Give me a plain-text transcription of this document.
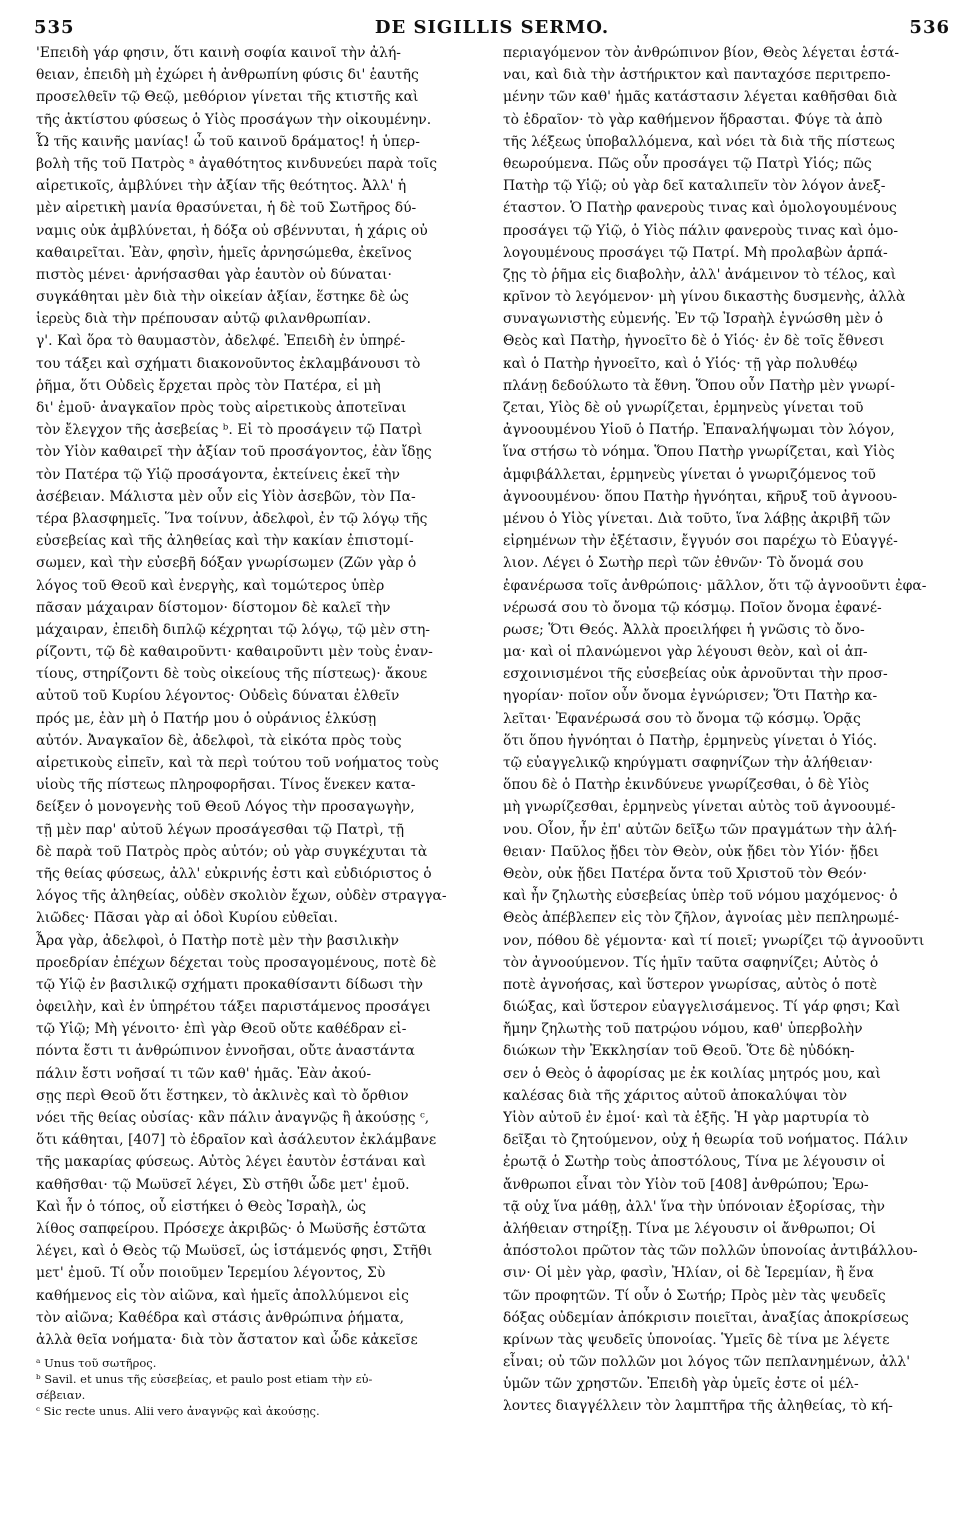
535	DE SIGILLIS SERMO.	536
'Επειδὴ γάρ φησιν, ὅτι καινὴ σοφία καινοῖ τὴν ἀλή-
θειαν, ἐπειδὴ μὴ ἐχώρει ἡ ἀνθρωπίνη φύσις δι' ἑαυτῆς
προσελθεῖν τῷ Θεῷ, μεθόριον γίνεται τῆς κτιστῆς καὶ
τῆς ἀκτίστου φύσεως ὁ Υἱὸς προσάγων τὴν οἰκουμένην.
Ὦ τῆς καινῆς μανίας! ὦ τοῦ καινοῦ δράματος! ἡ ὑπερ-
βολὴ τῆς τοῦ Πατρὸς ᵃ ἀγαθότητος κινδυνεύει παρὰ τοῖς
αἱρετικοῖς, ἀμβλύνει τὴν ἀξίαν τῆς θεότητος. Ἀλλ' ἡ
μὲν αἱρετικὴ μανία θρασύνεται, ἡ δὲ τοῦ Σωτῆρος δύ-
ναμις οὐκ ἀμβλύνεται, ἡ δόξα οὐ σβέννυται, ἡ χάρις οὐ
καθαιρεῖται. Ἐὰν, φησὶν, ἡμεῖς ἀρνησώμεθα, ἐκεῖνος
πιστὸς μένει· ἀρνήσασθαι γὰρ ἑαυτὸν οὐ δύναται·
συγκάθηται μὲν διὰ τὴν οἰκείαν ἀξίαν, ἕστηκε δὲ ὡς
ἱερεὺς διὰ τὴν πρέπουσαν αὐτῷ φιλανθρωπίαν.
γ'. Καὶ ὅρα τὸ θαυμαστὸν, ἀδελφέ. Ἐπειδὴ ἐν ὑπηρέ-
του τάξει καὶ σχήματι διακονοῦντος ἐκλαμβάνουσι τὸ
ῥῆμα, ὅτι Οὐδεὶς ἔρχεται πρὸς τὸν Πατέρα, εἰ μὴ
δι' ἐμοῦ· ἀναγκαῖον πρὸς τοὺς αἱρετικοὺς ἀποτεῖναι
τὸν ἔλεγχον τῆς ἀσεβείας ᵇ. Εἰ τὸ προσάγειν τῷ Πατρὶ
τὸν Υἱὸν καθαιρεῖ τὴν ἀξίαν τοῦ προσάγοντος, ἐὰν ἴδῃς
τὸν Πατέρα τῷ Υἱῷ προσάγοντα, ἐκτείνεις ἐκεῖ τὴν
ἀσέβειαν. Μάλιστα μὲν οὖν εἰς Υἱὸν ἀσεβῶν, τὸν Πα-
τέρα βλασφημεῖς. Ἵνα τοίνυν, ἀδελφοὶ, ἐν τῷ λόγῳ τῆς
εὐσεβείας καὶ τῆς ἀληθείας καὶ τὴν κακίαν ἐπιστομί-
σωμεν, καὶ τὴν εὐσεβῆ δόξαν γνωρίσωμεν (Ζῶν γὰρ ὁ
λόγος τοῦ Θεοῦ καὶ ἐνεργὴς, καὶ τομώτερος ὑπὲρ
πᾶσαν μάχαιραν δίστομον· δίστομον δὲ καλεῖ τὴν
μάχαιραν, ἐπειδὴ διπλῷ κέχρηται τῷ λόγῳ, τῷ μὲν στη-
ρίζοντι, τῷ δὲ καθαιροῦντι· καθαιροῦντι μὲν τοὺς ἐναν-
τίους, στηρίζοντι δὲ τοὺς οἰκείους τῆς πίστεως)· ἄκουε
αὐτοῦ τοῦ Κυρίου λέγοντος· Οὐδεὶς δύναται ἐλθεῖν
πρός με, ἐὰν μὴ ὁ Πατήρ μου ὁ οὐράνιος ἑλκύσῃ
αὐτόν. Ἀναγκαῖον δὲ, ἀδελφοὶ, τὰ εἰκότα πρὸς τοὺς
αἱρετικοὺς εἰπεῖν, καὶ τὰ περὶ τούτου τοῦ νοήματος τοὺς
υἱοὺς τῆς πίστεως πληροφορῆσαι. Τίνος ἕνεκεν κατα-
δείξεν ὁ μονογενὴς τοῦ Θεοῦ Λόγος τὴν προσαγωγὴν,
τῇ μὲν παρ' αὐτοῦ λέγων προσάγεσθαι τῷ Πατρὶ, τῇ
δὲ παρὰ τοῦ Πατρὸς πρὸς αὐτόν; οὐ γὰρ συγκέχυται τὰ
τῆς θείας φύσεως, ἀλλ' εὐκρινής ἐστι καὶ εὐδιόριστος ὁ
λόγος τῆς ἀληθείας, οὐδὲν σκολιὸν ἔχων, οὐδὲν στραγγα-
λιῶδες· Πᾶσαι γὰρ αἱ ὁδοὶ Κυρίου εὐθεῖαι.
Ἆρα γὰρ, ἀδελφοὶ, ὁ Πατὴρ ποτὲ μὲν τὴν βασιλικὴν
προεδρίαν ἐπέχων δέχεται τοὺς προσαγομένους, ποτὲ δὲ
τῷ Υἱῷ ἐν βασιλικῷ σχήματι προκαθίσαντι δίδωσι τὴν
ὀφειλὴν, καὶ ἐν ὑπηρέτου τάξει παριστάμενος προσάγει
τῷ Υἱῷ; Μὴ γένοιτο· ἐπὶ γὰρ Θεοῦ οὔτε καθέδραν εἰ-
πόντα ἔστι τι ἀνθρώπινον ἐννοῆσαι, οὔτε ἀναστάντα
πάλιν ἔστι νοῆσαί τι τῶν καθ' ἡμᾶς. Ἐὰν ἀκού-
σῃς περὶ Θεοῦ ὅτι ἕστηκεν, τὸ ἀκλινὲς καὶ τὸ ὄρθιον
νόει τῆς θείας οὐσίας· κἂν πάλιν ἀναγνῷς ἢ ἀκούσῃς ᶜ,
ὅτι κάθηται, [407] τὸ ἑδραῖον καὶ ἀσάλευτον ἐκλάμβανε
τῆς μακαρίας φύσεως. Αὐτὸς λέγει ἑαυτὸν ἑστάναι καὶ
καθῆσθαι· τῷ Μωϋσεῖ λέγει, Σὺ στῆθι ὧδε μετ' ἐμοῦ.
Καὶ ἦν ὁ τόπος, οὗ εἱστήκει ὁ Θεὸς Ἰσραὴλ, ὡς
λίθος σαπφείρου. Πρόσεχε ἀκριβῶς· ὁ Μωϋσῆς ἑστῶτα
λέγει, καὶ ὁ Θεὸς τῷ Μωϋσεῖ, ὡς ἱστάμενός φησι, Στῆθι
μετ' ἐμοῦ. Τί οὖν ποιοῦμεν Ἱερεμίου λέγοντος, Σὺ
καθήμενος εἰς τὸν αἰῶνα, καὶ ἡμεῖς ἀπολλύμενοι εἰς
τὸν αἰῶνα; Καθέδρα καὶ στάσις ἀνθρώπινα ῥήματα,
ἀλλὰ θεῖα νοήματα· διὰ τὸν ἄστατον καὶ ὧδε κἀκεῖσε
ᵃ Unus τοῦ σωτῆρος.
ᵇ Savil. et unus τῆς εὐσεβείας, et paulo post etiam τὴν εὐ-
σέβειαν.
ᶜ Sic recte unus. Alii vero ἀναγνῷς καὶ ἀκούσῃς.
περιαγόμενον τὸν ἀνθρώπινον βίον, Θεὸς λέγεται ἑστά-
ναι, καὶ διὰ τὴν ἀστήρικτον καὶ πανταχόσε περιτρεπο-
μένην τῶν καθ' ἡμᾶς κατάστασιν λέγεται καθῆσθαι διὰ
τὸ ἑδραῖον· τὸ γὰρ καθήμενον ἥδρασται. Φύγε τὰ ἀπὸ
τῆς λέξεως ὑποβαλλόμενα, καὶ νόει τὰ διὰ τῆς πίστεως
θεωρούμενα. Πῶς οὖν προσάγει τῷ Πατρὶ Υἱός; πῶς
Πατὴρ τῷ Υἱῷ; οὐ γὰρ δεῖ καταλιπεῖν τὸν λόγον ἀνεξ-
έταστον. Ὁ Πατὴρ φανεροὺς τινας καὶ ὁμολογουμένους
προσάγει τῷ Υἱῷ, ὁ Υἱὸς πάλιν φανεροὺς τινας καὶ ὁμο-
λογουμένους προσάγει τῷ Πατρί. Μὴ προλαβὼν ἁρπά-
ζῃς τὸ ῥῆμα εἰς διαβολὴν, ἀλλ' ἀνάμεινον τὸ τέλος, καὶ
κρῖνον τὸ λεγόμενον· μὴ γίνου δικαστὴς δυσμενὴς, ἀλλὰ
συναγωνιστὴς εὐμενής. Ἐν τῷ Ἰσραὴλ ἐγνώσθη μὲν ὁ
Θεὸς καὶ Πατὴρ, ἠγνοεῖτο δὲ ὁ Υἱός· ἐν δὲ τοῖς ἔθνεσι
καὶ ὁ Πατὴρ ἠγνοεῖτο, καὶ ὁ Υἱός· τῇ γὰρ πολυθέῳ
πλάνῃ δεδούλωτο τὰ ἔθνη. Ὅπου οὖν Πατὴρ μὲν γνωρί-
ζεται, Υἱὸς δὲ οὐ γνωρίζεται, ἑρμηνεὺς γίνεται τοῦ
ἀγνοουμένου Υἱοῦ ὁ Πατήρ. Ἐπαναλήψωμαι τὸν λόγον,
ἵνα στήσω τὸ νόημα. Ὅπου Πατὴρ γνωρίζεται, καὶ Υἱὸς
ἀμφιβάλλεται, ἑρμηνεὺς γίνεται ὁ γνωριζόμενος τοῦ
ἀγνοουμένου· ὅπου Πατὴρ ἠγνόηται, κῆρυξ τοῦ ἀγνοου-
μένου ὁ Υἱὸς γίνεται. Διὰ τοῦτο, ἵνα λάβῃς ἀκριβῆ τῶν
εἰρημένων τὴν ἐξέτασιν, ἔγγυόν σοι παρέχω τὸ Εὐαγγέ-
λιον. Λέγει ὁ Σωτὴρ περὶ τῶν ἐθνῶν· Τὸ ὄνομά σου
ἐφανέρωσα τοῖς ἀνθρώποις· μᾶλλον, ὅτι τῷ ἀγνοοῦντι ἐφα-
νέρωσά σου τὸ ὄνομα τῷ κόσμῳ. Ποῖον ὄνομα ἐφανέ-
ρωσε; Ὅτι Θεός. Ἀλλὰ προειλήφει ἡ γνῶσις τὸ ὄνο-
μα· καὶ οἱ πλανώμενοι γὰρ λέγουσι θεὸν, καὶ οἱ ἀπ-
εσχοινισμένοι τῆς εὐσεβείας οὐκ ἀρνοῦνται τὴν προσ-
ηγορίαν· ποῖον οὖν ὄνομα ἐγνώρισεν; Ὅτι Πατὴρ κα-
λεῖται· Ἐφανέρωσά σου τὸ ὄνομα τῷ κόσμῳ. Ὁρᾷς
ὅτι ὅπου ἠγνόηται ὁ Πατὴρ, ἑρμηνεὺς γίνεται ὁ Υἱός.
τῷ εὐαγγελικῷ κηρύγματι σαφηνίζων τὴν ἀλήθειαν·
ὅπου δὲ ὁ Πατὴρ ἐκινδύνευε γνωρίζεσθαι, ὁ δὲ Υἱὸς
μὴ γνωρίζεσθαι, ἑρμηνεὺς γίνεται αὐτὸς τοῦ ἀγνοουμέ-
νου. Οἷον, ἦν ἐπ' αὐτῶν δεῖξω τῶν πραγμάτων τὴν ἀλή-
θειαν· Παῦλος ᾔδει τὸν Θεὸν, οὐκ ᾔδει τὸν Υἱόν· ᾔδει
Θεὸν, οὐκ ᾔδει Πατέρα ὄντα τοῦ Χριστοῦ τὸν Θεόν·
καὶ ἦν ζηλωτὴς εὐσεβείας ὑπὲρ τοῦ νόμου μαχόμενος· ὁ
Θεὸς ἀπέβλεπεν εἰς τὸν ζῆλον, ἀγνοίας μὲν πεπληρωμέ-
νον, πόθου δὲ γέμοντα· καὶ τί ποιεῖ; γνωρίζει τῷ ἀγνοοῦντι
τὸν ἀγνοούμενον. Τίς ἡμῖν ταῦτα σαφηνίζει; Αὐτὸς ὁ
ποτὲ ἀγνοήσας, καὶ ὕστερον γνωρίσας, αὐτὸς ὁ ποτὲ
διώξας, καὶ ὕστερον εὐαγγελισάμενος. Τί γάρ φησι; Καὶ
ἤμην ζηλωτὴς τοῦ πατρῴου νόμου, καθ' ὑπερβολὴν
διώκων τὴν Ἐκκλησίαν τοῦ Θεοῦ. Ὅτε δὲ ηὐδόκη-
σεν ὁ Θεὸς ὁ ἀφορίσας με ἐκ κοιλίας μητρός μου, καὶ
καλέσας διὰ τῆς χάριτος αὐτοῦ ἀποκαλύψαι τὸν
Υἱὸν αὐτοῦ ἐν ἐμοί· καὶ τὰ ἑξῆς. Ἡ γὰρ μαρτυρία τὸ
δεῖξαι τὸ ζητούμενον, οὐχ ἡ θεωρία τοῦ νοήματος. Πάλιν
ἐρωτᾷ ὁ Σωτὴρ τοὺς ἀποστόλους, Τίνα με λέγουσιν οἱ
ἄνθρωποι εἶναι τὸν Υἱὸν τοῦ [408] ἀνθρώπου; Ἐρω-
τᾷ οὐχ ἵνα μάθῃ, ἀλλ' ἵνα τὴν ὑπόνοιαν ἐξορίσας, τὴν
ἀλήθειαν στηρίξῃ. Τίνα με λέγουσιν οἱ ἄνθρωποι; Οἱ
ἀπόστολοι πρῶτον τὰς τῶν πολλῶν ὑπονοίας ἀντιβάλλου-
σιν· Οἱ μὲν γὰρ, φασὶν, Ἠλίαν, οἱ δὲ Ἱερεμίαν, ἢ ἕνα
τῶν προφητῶν. Τί οὖν ὁ Σωτήρ; Πρὸς μὲν τὰς ψευδεῖς
δόξας οὐδεμίαν ἀπόκρισιν ποιεῖται, ἀναξίας ἀποκρίσεως
κρίνων τὰς ψευδεῖς ὑπονοίας. Ὑμεῖς δὲ τίνα με λέγετε
εἶναι; οὐ τῶν πολλῶν μοι λόγος τῶν πεπλανημένων, ἀλλ'
ὑμῶν τῶν χρηστῶν. Ἐπειδὴ γὰρ ὑμεῖς ἐστε οἱ μέλ-
λοντες διαγγέλλειν τὸν λαμπτῆρα τῆς ἀληθείας, τὸ κή-
